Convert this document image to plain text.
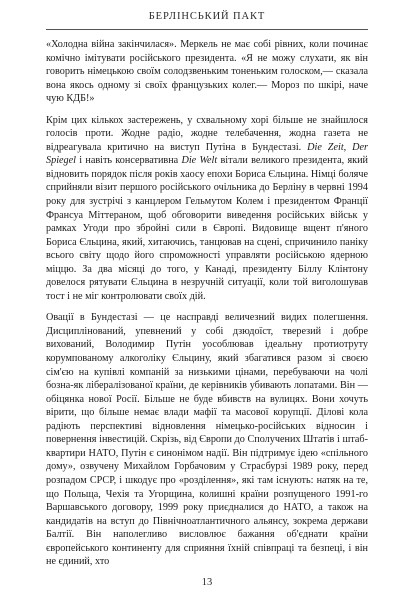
БЕРЛІНСЬКИЙ ПАКТ

«Холодна війна закінчилася». Меркель не має собі рівних, коли починає комічно імітувати російського президента. «Я не можу слухати, як він говорить німецькою своїм солодзвеньким тоненьким голоском,— сказала вона якось одному зі своїх французьких колег.— Мороз по шкірі, наче чую КДБ!»

Крім цих кількох застережень, у схвальному хорі більше не знайшлося голосів проти. Жодне радіо, жодне телебачення, жодна газета не відреагувала критично на виступ Путіна в Бундестазі. Die Zeit, Der Spiegel і навіть консервативна Die Welt вітали великого президента, який відновить порядок після років хаосу епохи Бориса Єльцина. Німці боляче сприйняли візит першого російського очільника до Берліну в червні 1994 року для зустрічі з канцлером Гельмутом Колем і президентом Франції Франсуа Міттераном, щоб обговорити виведення російських військ у рамках Угоди про збройні сили в Європі. Видовище вщент п'яного Бориса Єльцина, який, хитаючись, танцював на сцені, спричинило паніку всього світу щодо його спроможності управляти російською ядерною міццю. За два місяці до того, у Канаді, президенту Біллу Клінтону довелося рятувати Єльцина в незручній ситуації, коли той виголошував тост і не міг контролювати своїх дій.

Овації в Бундестазі — це насправді величезний видих полегшення. Дисциплінований, упевнений у собі дзюдоїст, тверезий і добре вихований, Володимир Путін уособлював ідеальну протиотруту корумпованому алкоголіку Єльцину, який збагатився разом зі своєю сім'єю на купівлі компаній за низькими цінами, перебуваючи на чолі бозна-як лібералізованої країни, де керівників убивають лопатами. Він — обіцянка нової Росії. Більше не буде вбивств на вулицях. Вони хочуть вірити, що більше немає влади мафії та масової корупції. Ділові кола радіють перспективі відновлення німецько-російських відносин і повернення інвестицій. Скрізь, від Європи до Сполучених Штатів і штаб-квартири НАТО, Путін є синонімом надії. Він підтримує ідею «спільного дому», озвучену Михайлом Горбачовим у Страсбурзі 1989 року, перед розпадом СРСР, і шкодує про «розділення», які там існують: натяк на те, що Польща, Чехія та Угорщина, колишні країни розпущеного 1991-го Варшавського договору, 1999 року приєдналися до НАТО, а також на кандидатів на вступ до Північноатлантичного альянсу, зокрема держави Балтії. Він наполегливо висловлює бажання об'єднати країни європейського континенту для сприяння їхній співпраці та безпеці, і він не єдиний, хто

13
